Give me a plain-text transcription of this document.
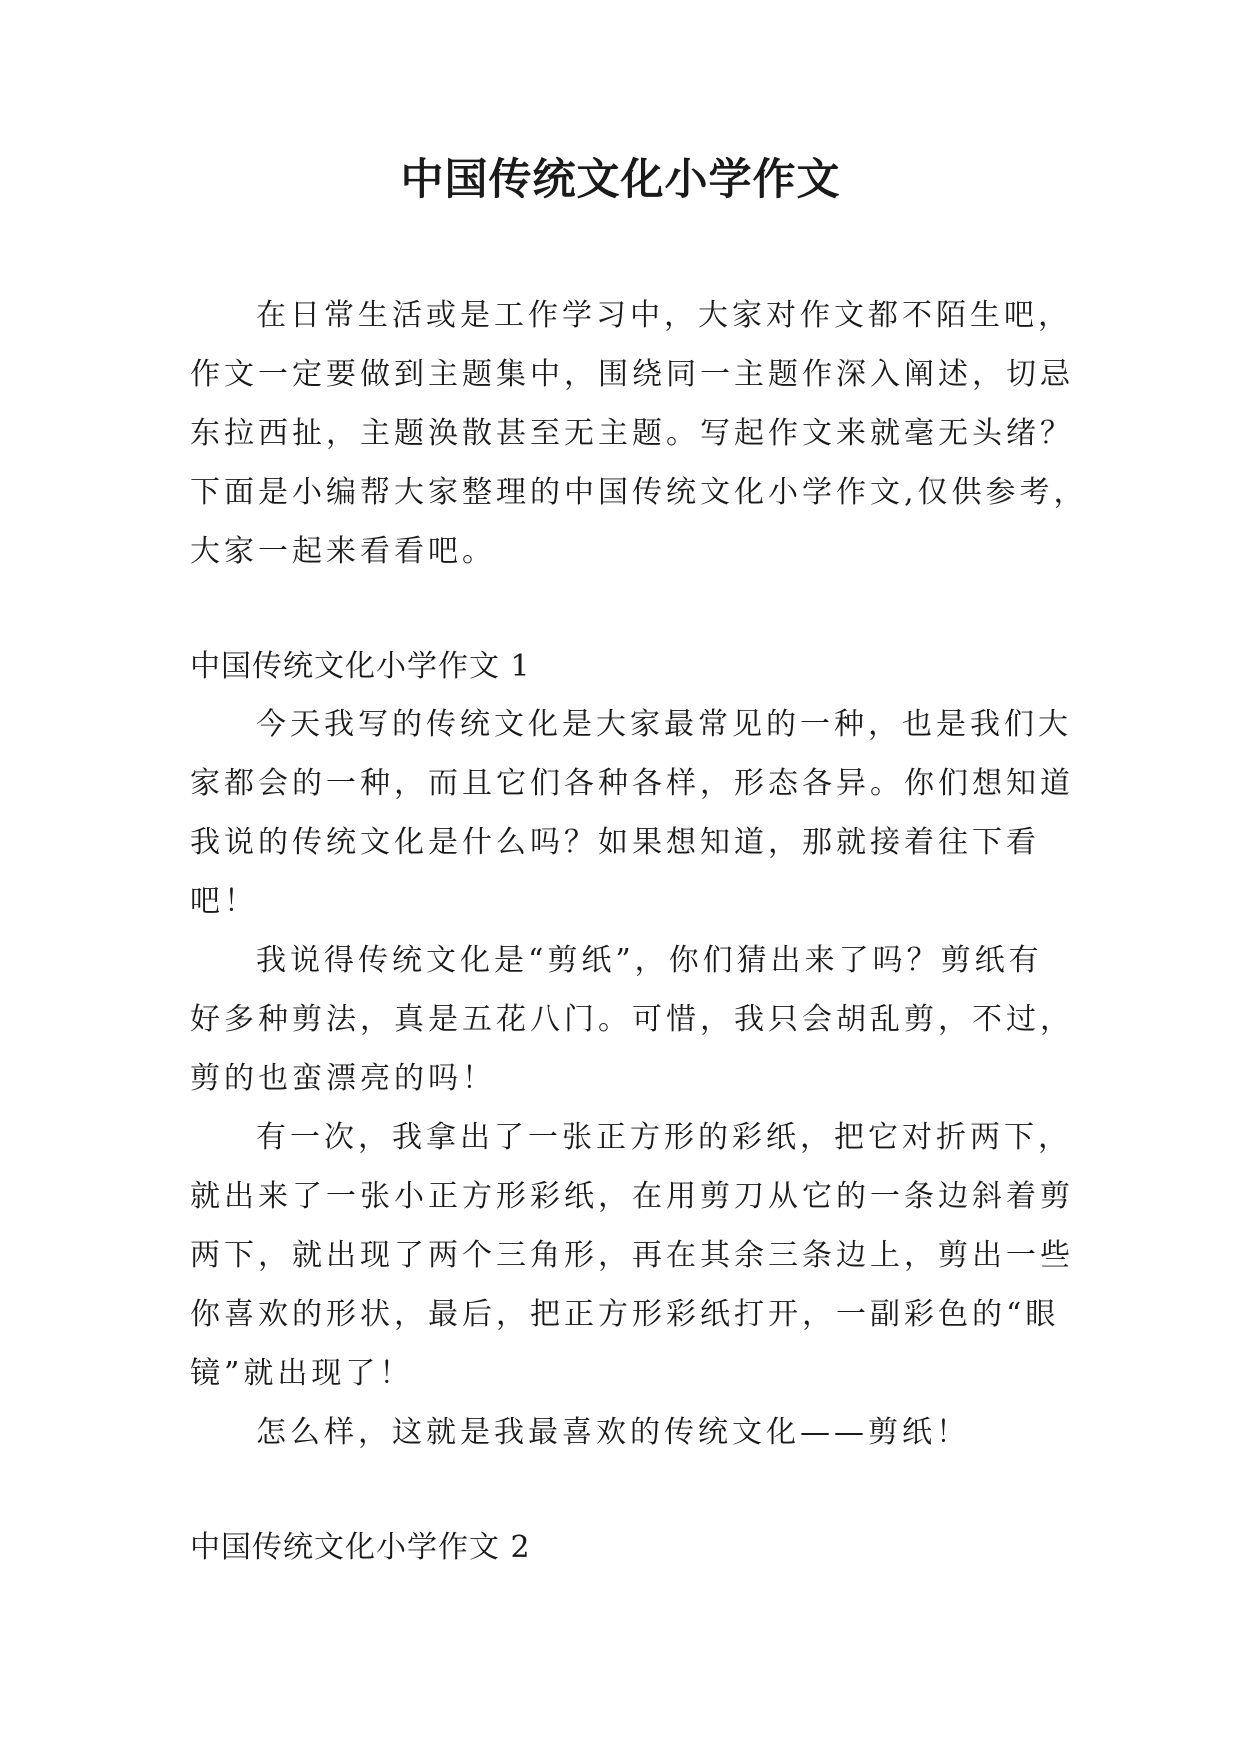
中国传统文化小学作文
在日常生活或是工作学习中，大家对作文都不陌生吧，
作文一定要做到主题集中，围绕同一主题作深入阐述，切忌
东拉西扯，主题涣散甚至无主题。写起作文来就毫无头绪？
下面是小编帮大家整理的中国传统文化小学作文,仅供参考，
大家一起来看看吧。
中国传统文化小学作文 1
今天我写的传统文化是大家最常见的一种，也是我们大
家都会的一种，而且它们各种各样，形态各异。你们想知道
我说的传统文化是什么吗？如果想知道，那就接着往下看
吧！
我说得传统文化是“剪纸”，你们猜出来了吗？剪纸有
好多种剪法，真是五花八门。可惜，我只会胡乱剪，不过，
剪的也蛮漂亮的吗！
有一次，我拿出了一张正方形的彩纸，把它对折两下，
就出来了一张小正方形彩纸，在用剪刀从它的一条边斜着剪
两下，就出现了两个三角形，再在其余三条边上，剪出一些
你喜欢的形状，最后，把正方形彩纸打开，一副彩色的“眼
镜”就出现了！
怎么样，这就是我最喜欢的传统文化——剪纸！
中国传统文化小学作文 2
